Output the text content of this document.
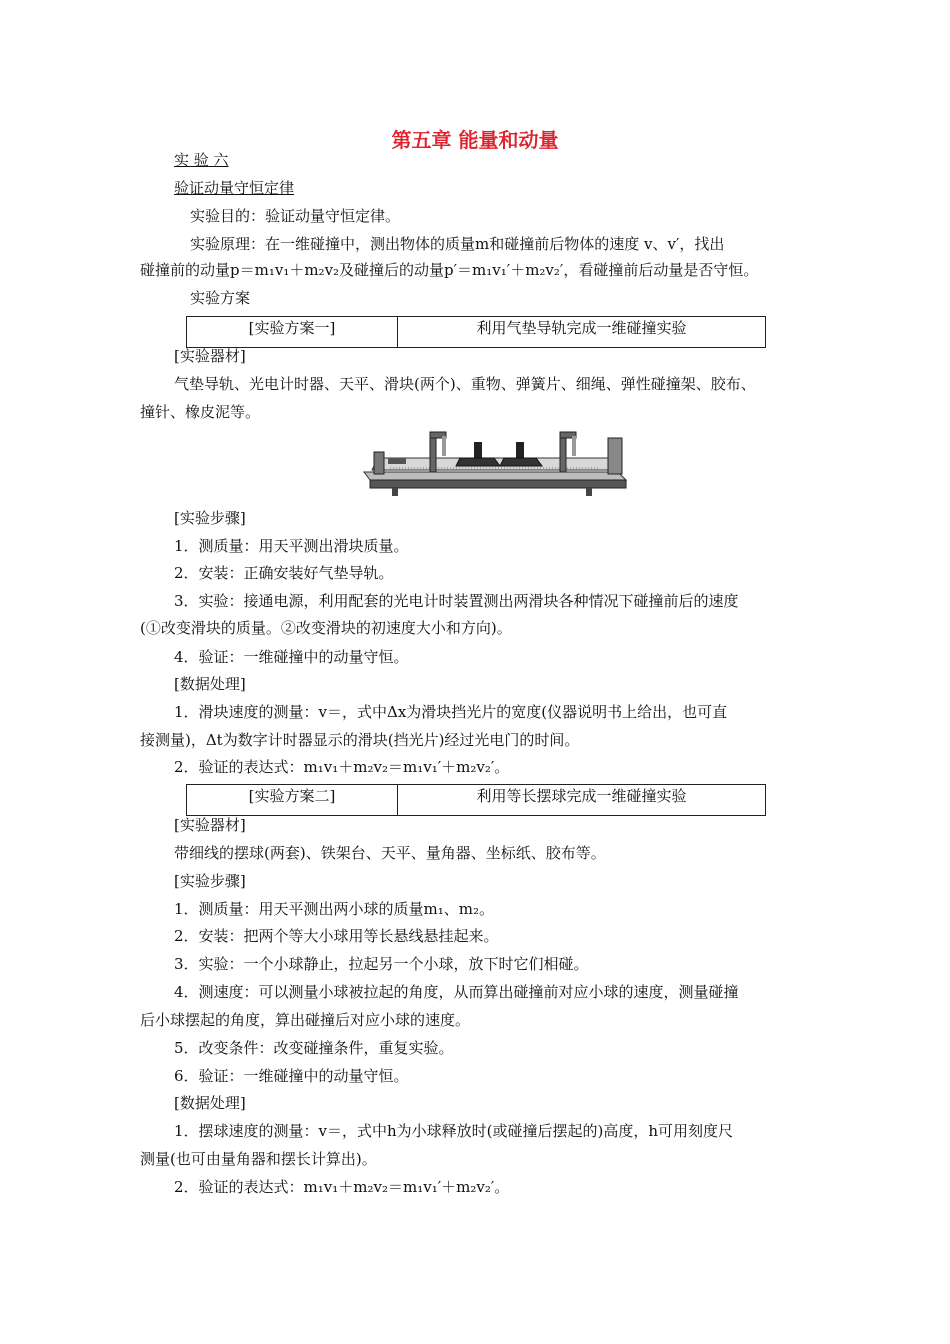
第五章 能量和动量
实 验 六
验证动量守恒定律
实验目的：验证动量守恒定律。
实验原理：在一维碰撞中，测出物体的质量m和碰撞前后物体的速度 v、v′，找出
碰撞前的动量p＝m₁v₁＋m₂v₂及碰撞后的动量p′＝m₁v₁′＋m₂v₂′，看碰撞前后动量是否守恒。
实验方案
[实验方案一]	利用气垫导轨完成一维碰撞实验
[实验器材]
气垫导轨、光电计时器、天平、滑块(两个)、重物、弹簧片、细绳、弹性碰撞架、胶布、
撞针、橡皮泥等。
[实验步骤]
1．测质量：用天平测出滑块质量。
2．安装：正确安装好气垫导轨。
3．实验：接通电源，利用配套的光电计时装置测出两滑块各种情况下碰撞前后的速度
(①改变滑块的质量。②改变滑块的初速度大小和方向)。
4．验证：一维碰撞中的动量守恒。
[数据处理]
1．滑块速度的测量：v＝，式中Δx为滑块挡光片的宽度(仪器说明书上给出，也可直
接测量)，Δt为数字计时器显示的滑块(挡光片)经过光电门的时间。
2．验证的表达式：m₁v₁＋m₂v₂＝m₁v₁′＋m₂v₂′。
[实验方案二]	利用等长摆球完成一维碰撞实验
[实验器材]
带细线的摆球(两套)、铁架台、天平、量角器、坐标纸、胶布等。
[实验步骤]
1．测质量：用天平测出两小球的质量m₁、m₂。
2．安装：把两个等大小球用等长悬线悬挂起来。
3．实验：一个小球静止，拉起另一个小球，放下时它们相碰。
4．测速度：可以测量小球被拉起的角度，从而算出碰撞前对应小球的速度，测量碰撞
后小球摆起的角度，算出碰撞后对应小球的速度。
5．改变条件：改变碰撞条件，重复实验。
6．验证：一维碰撞中的动量守恒。
[数据处理]
1．摆球速度的测量：v＝，式中h为小球释放时(或碰撞后摆起的)高度，h可用刻度尺
测量(也可由量角器和摆长计算出)。
2．验证的表达式：m₁v₁＋m₂v₂＝m₁v₁′＋m₂v₂′。
